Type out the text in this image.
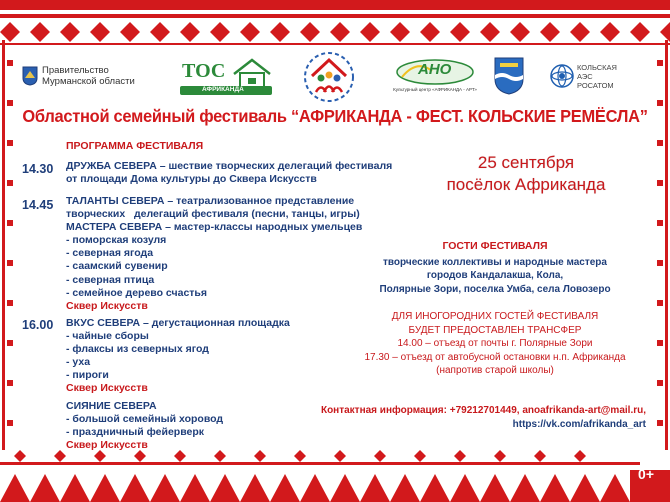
0+
Правительство
Мурманской области ТОС
АФРИКАНДА
АНО
Культурный центр «АФРИКАНДА - АРТ»
КОЛЬСКАЯ
АЭС
РОСАТОМ
Областной семейный фестиваль “АФРИКАНДА - ФЕСТ. КОЛЬСКИЕ РЕМЁСЛА”
ПРОГРАММА ФЕСТИВАЛЯ
14.30 ДРУЖБА СЕВЕРА – шествие творческих делегаций фестиваля
от площади Дома культуры до Сквера Искусств
14.45 ТАЛАНТЫ СЕВЕРА – театрализованное представление
творческих   делегаций фестиваля (песни, танцы, игры)
МАСТЕРА СЕВЕРА – мастер-классы народных умельцев
- поморская козуля
- северная ягода
- саамский сувенир
- северная птица
- семейное дерево счастья
Сквер Искусств
16.00 ВКУС СЕВЕРА – дегустационная площадка
- чайные сборы
- флаксы из северных ягод
- уха
- пироги
Сквер Искусств
СИЯНИЕ СЕВЕРА
- большой семейный хоровод
- праздничный фейерверк
Сквер Искусств
25 сентября
посёлок Африканда
ГОСТИ ФЕСТИВАЛЯ
творческие коллективы и народные мастера
городов Кандалакша, Кола,
Полярные Зори, поселка Умба, села Ловозеро
ДЛЯ ИНОГОРОДНИХ ГОСТЕЙ ФЕСТИВАЛЯ
БУДЕТ ПРЕДОСТАВЛЕН ТРАНСФЕР
14.00 – отъезд от почты г. Полярные Зори
17.30 – отъезд от автобусной остановки н.п. Африканда
(напротив старой школы)
Контактная информация: +79212701449, anoafrikanda-art@mail.ru,
https://vk.com/afrikanda_art
